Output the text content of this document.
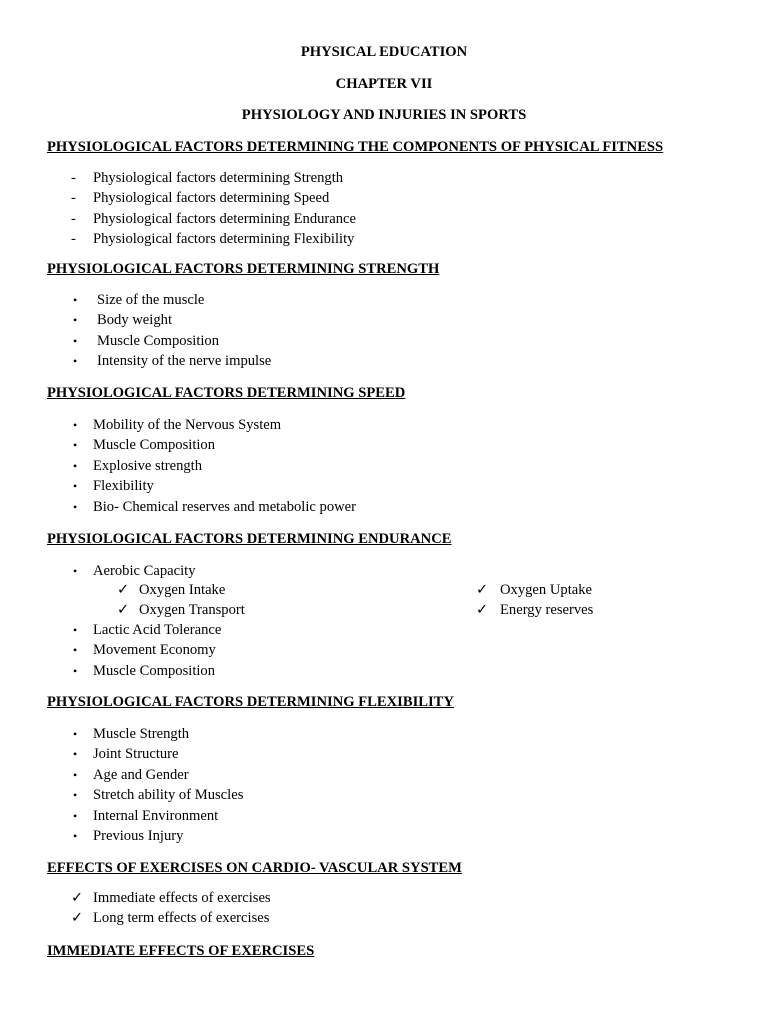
PHYSICAL EDUCATION
CHAPTER VII
PHYSIOLOGY AND INJURIES IN SPORTS
PHYSIOLOGICAL FACTORS DETERMINING THE COMPONENTS OF PHYSICAL FITNESS
- Physiological factors determining Strength
- Physiological factors determining Speed
- Physiological factors determining Endurance
- Physiological factors determining Flexibility
PHYSIOLOGICAL FACTORS DETERMINING STRENGTH
• Size of the muscle
• Body weight
• Muscle Composition
• Intensity of the nerve impulse
PHYSIOLOGICAL FACTORS DETERMINING SPEED
• Mobility of the Nervous System
• Muscle Composition
• Explosive strength
• Flexibility
• Bio- Chemical reserves and metabolic power
PHYSIOLOGICAL FACTORS DETERMINING ENDURANCE
• Aerobic Capacity
✓ Oxygen Intake	✓ Oxygen Uptake
✓ Oxygen Transport	✓ Energy reserves
• Lactic Acid Tolerance
• Movement Economy
• Muscle Composition
PHYSIOLOGICAL FACTORS DETERMINING FLEXIBILITY
• Muscle Strength
• Joint Structure
• Age and Gender
• Stretch ability of Muscles
• Internal Environment
• Previous Injury
EFFECTS OF EXERCISES ON CARDIO- VASCULAR SYSTEM
✓ Immediate effects of exercises
✓ Long term effects of exercises
IMMEDIATE EFFECTS OF EXERCISES
